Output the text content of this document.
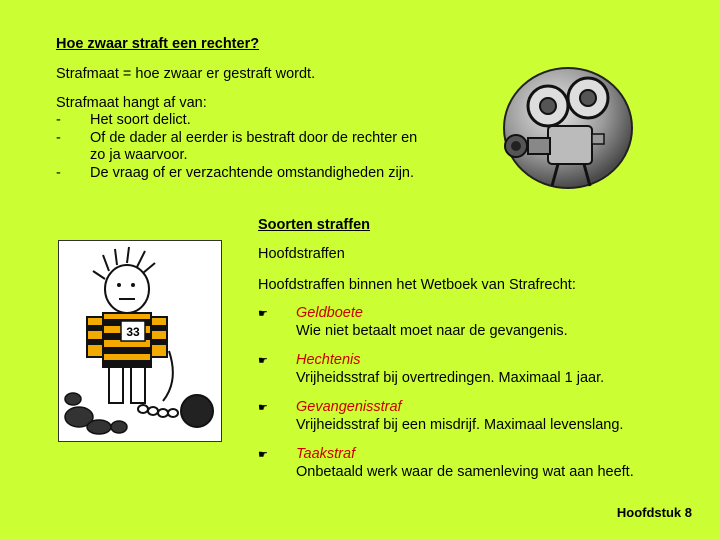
Hoe zwaar straft een rechter?
Strafmaat = hoe zwaar er gestraft wordt.
Strafmaat hangt af van:
-	Het soort delict.
-	Of de dader al eerder is bestraft door de rechter en zo ja waarvoor.
-	De vraag of er verzachtende omstandigheden zijn.
Soorten straffen
Hoofdstraffen
Hoofdstraffen binnen het Wetboek van Strafrecht:
33
☛	Geldboete
Wie niet betaalt moet naar de gevangenis.
☛	Hechtenis
Vrijheidsstraf bij overtredingen. Maximaal 1 jaar.
☛	Gevangenisstraf
Vrijheidsstraf bij een misdrijf. Maximaal levenslang.
☛	Taakstraf
Onbetaald werk waar de samenleving wat aan heeft.
Hoofdstuk 8
